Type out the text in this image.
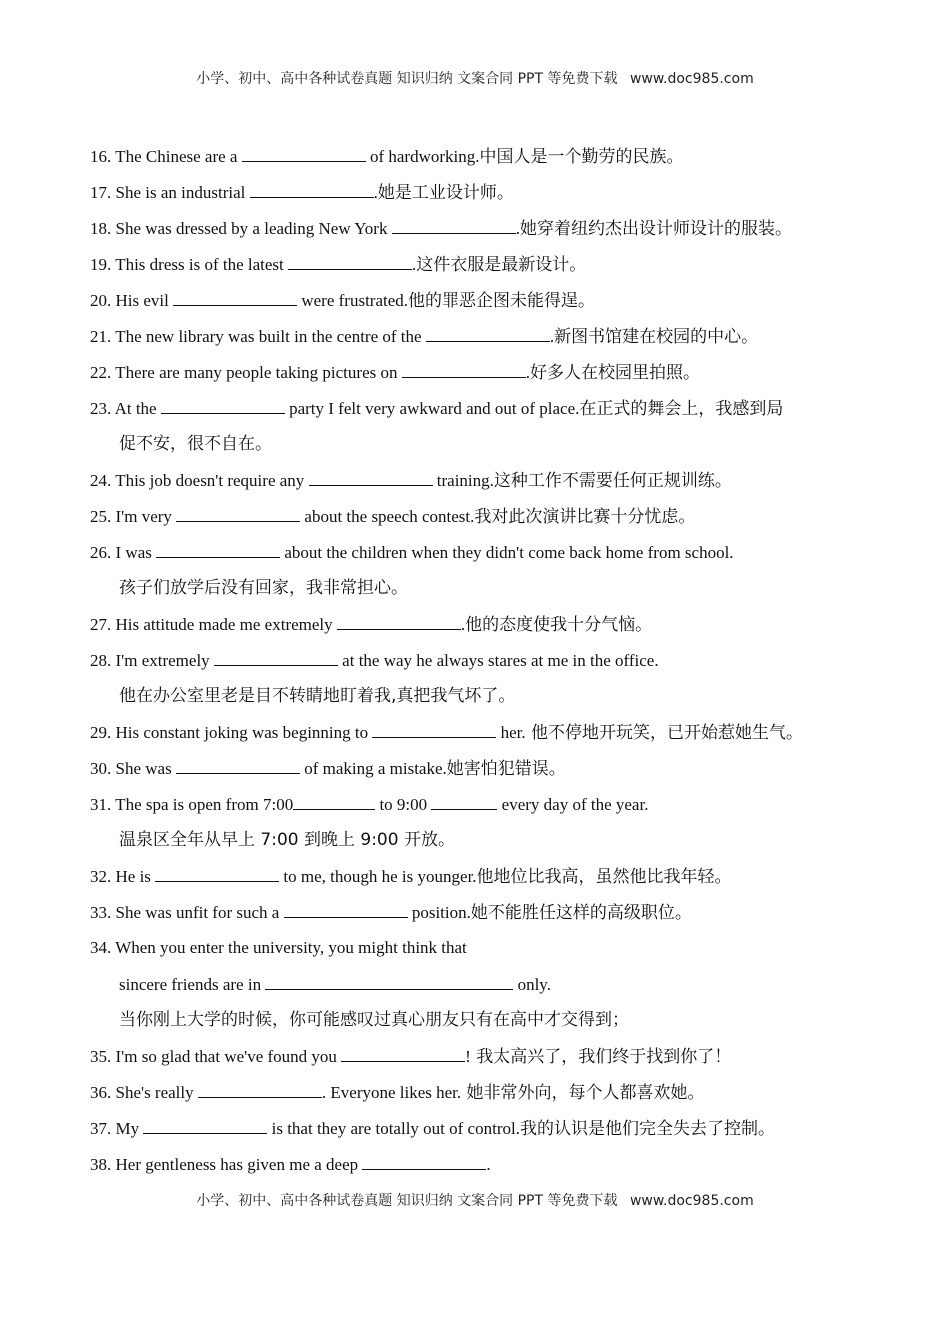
小学、初中、高中各种试卷真题 知识归纳 文案合同 PPT 等免费下载 www.doc985.com
16. The Chinese are a	of hardworking.中国人是一个勤劳的民族。
17. She is an industrial	.她是工业设计师。
18. She was dressed by a leading New York	.她穿着纽约杰出设计师设计的服装。
19. This dress is of the latest	.这件衣服是最新设计。
20. His evil	were frustrated.他的罪恶企图未能得逞。
21. The new library was built in the centre of the	.新图书馆建在校园的中心。
22. There are many people taking pictures on	.好多人在校园里拍照。
23. At the	party I felt very awkward and out of place.在正式的舞会上，我感到局
促不安，很不自在。
24. This job doesn't require any	training.这种工作不需要任何正规训练。
25. I'm very	about the speech contest.我对此次演讲比赛十分忧虑。
26. I was	about the children when they didn't come back home from school.
孩子们放学后没有回家，我非常担心。
27. His attitude made me extremely	.他的态度使我十分气恼。
28. I'm extremely	at the way he always stares at me in the office.
他在办公室里老是目不转睛地盯着我,真把我气坏了。
29. His constant joking was beginning to	her. 他不停地开玩笑，已开始惹她生气。
30. She was	of making a mistake.她害怕犯错误。
31. The spa is open from 7:00	to 9:00	every day of the year.
温泉区全年从早上 7:00 到晚上 9:00 开放。
32. He is	to me, though he is younger.他地位比我高，虽然他比我年轻。
33. She was unfit for such a	position.她不能胜任这样的高级职位。
34. When you enter the university, you might think that
sincere friends are in	only.
当你刚上大学的时候，你可能感叹过真心朋友只有在高中才交得到；
35. I'm so glad that we've found you	! 我太高兴了，我们终于找到你了！
36. She's really	. Everyone likes her. 她非常外向，每个人都喜欢她。
37. My	is that they are totally out of control.我的认识是他们完全失去了控制。
38. Her gentleness has given me a deep	.
小学、初中、高中各种试卷真题 知识归纳 文案合同 PPT 等免费下载 www.doc985.com
